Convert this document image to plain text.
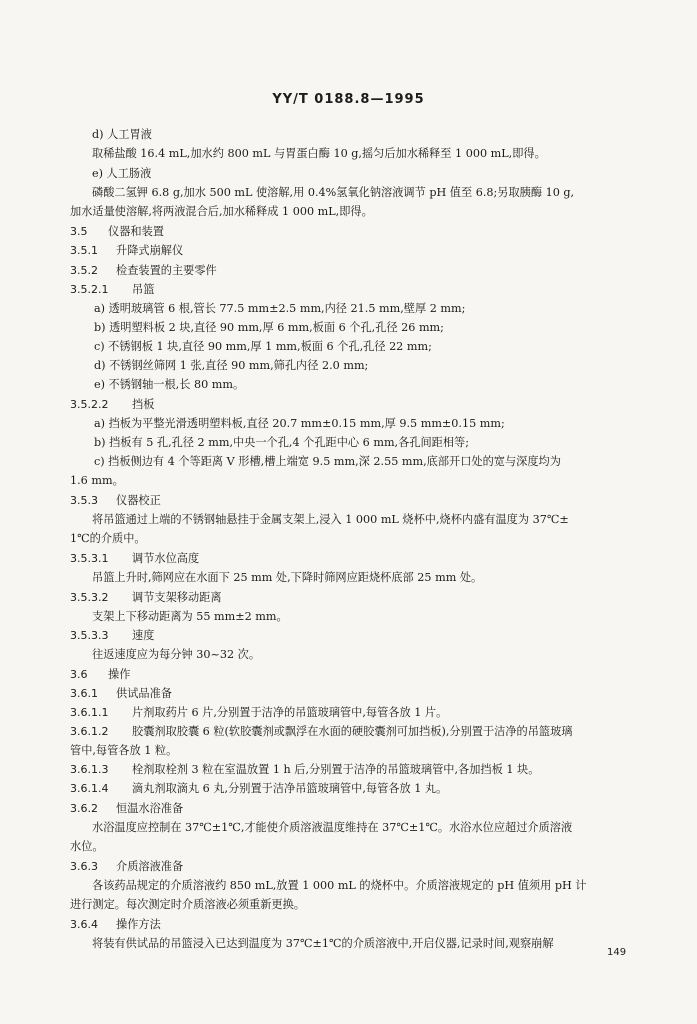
YY/T 0188.8—1995
d) 人工胃液
取稀盐酸 16.4 mL,加水约 800 mL 与胃蛋白酶 10 g,摇匀后加水稀释至 1 000 mL,即得。
e) 人工肠液
磷酸二氢钾 6.8 g,加水 500 mL 使溶解,用 0.4%氢氧化钠溶液调节 pH 值至 6.8;另取胰酶 10 g,
加水适量使溶解,将两液混合后,加水稀释成 1 000 mL,即得。
3.5 仪器和装置
3.5.1 升降式崩解仪
3.5.2 检查装置的主要零件
3.5.2.1 吊篮
a) 透明玻璃管 6 根,管长 77.5 mm±2.5 mm,内径 21.5 mm,壁厚 2 mm;
b) 透明塑料板 2 块,直径 90 mm,厚 6 mm,板面 6 个孔,孔径 26 mm;
c) 不锈钢板 1 块,直径 90 mm,厚 1 mm,板面 6 个孔,孔径 22 mm;
d) 不锈钢丝筛网 1 张,直径 90 mm,筛孔内径 2.0 mm;
e) 不锈钢轴一根,长 80 mm。
3.5.2.2 挡板
a) 挡板为平整光滑透明塑料板,直径 20.7 mm±0.15 mm,厚 9.5 mm±0.15 mm;
b) 挡板有 5 孔,孔径 2 mm,中央一个孔,4 个孔距中心 6 mm,各孔间距相等;
c) 挡板侧边有 4 个等距离 V 形槽,槽上端宽 9.5 mm,深 2.55 mm,底部开口处的宽与深度均为
1.6 mm。
3.5.3 仪器校正
将吊篮通过上端的不锈钢轴悬挂于金属支架上,浸入 1 000 mL 烧杯中,烧杯内盛有温度为 37℃±
1℃的介质中。
3.5.3.1 调节水位高度
吊篮上升时,筛网应在水面下 25 mm 处,下降时筛网应距烧杯底部 25 mm 处。
3.5.3.2 调节支架移动距离
支架上下移动距离为 55 mm±2 mm。
3.5.3.3 速度
往返速度应为每分钟 30~32 次。
3.6 操作
3.6.1 供试品准备
3.6.1.1 片剂取药片 6 片,分别置于洁净的吊篮玻璃管中,每管各放 1 片。
3.6.1.2 胶囊剂取胶囊 6 粒(软胶囊剂或飘浮在水面的硬胶囊剂可加挡板),分别置于洁净的吊篮玻璃
管中,每管各放 1 粒。
3.6.1.3 栓剂取栓剂 3 粒在室温放置 1 h 后,分别置于洁净的吊篮玻璃管中,各加挡板 1 块。
3.6.1.4 滴丸剂取滴丸 6 丸,分别置于洁净吊篮玻璃管中,每管各放 1 丸。
3.6.2 恒温水浴准备
水浴温度应控制在 37℃±1℃,才能使介质溶液温度维持在 37℃±1℃。水浴水位应超过介质溶液
水位。
3.6.3 介质溶液准备
各该药品规定的介质溶液约 850 mL,放置 1 000 mL 的烧杯中。介质溶液规定的 pH 值须用 pH 计
进行测定。每次测定时介质溶液必须重新更换。
3.6.4 操作方法
将装有供试品的吊篮浸入已达到温度为 37℃±1℃的介质溶液中,开启仪器,记录时间,观察崩解
149
